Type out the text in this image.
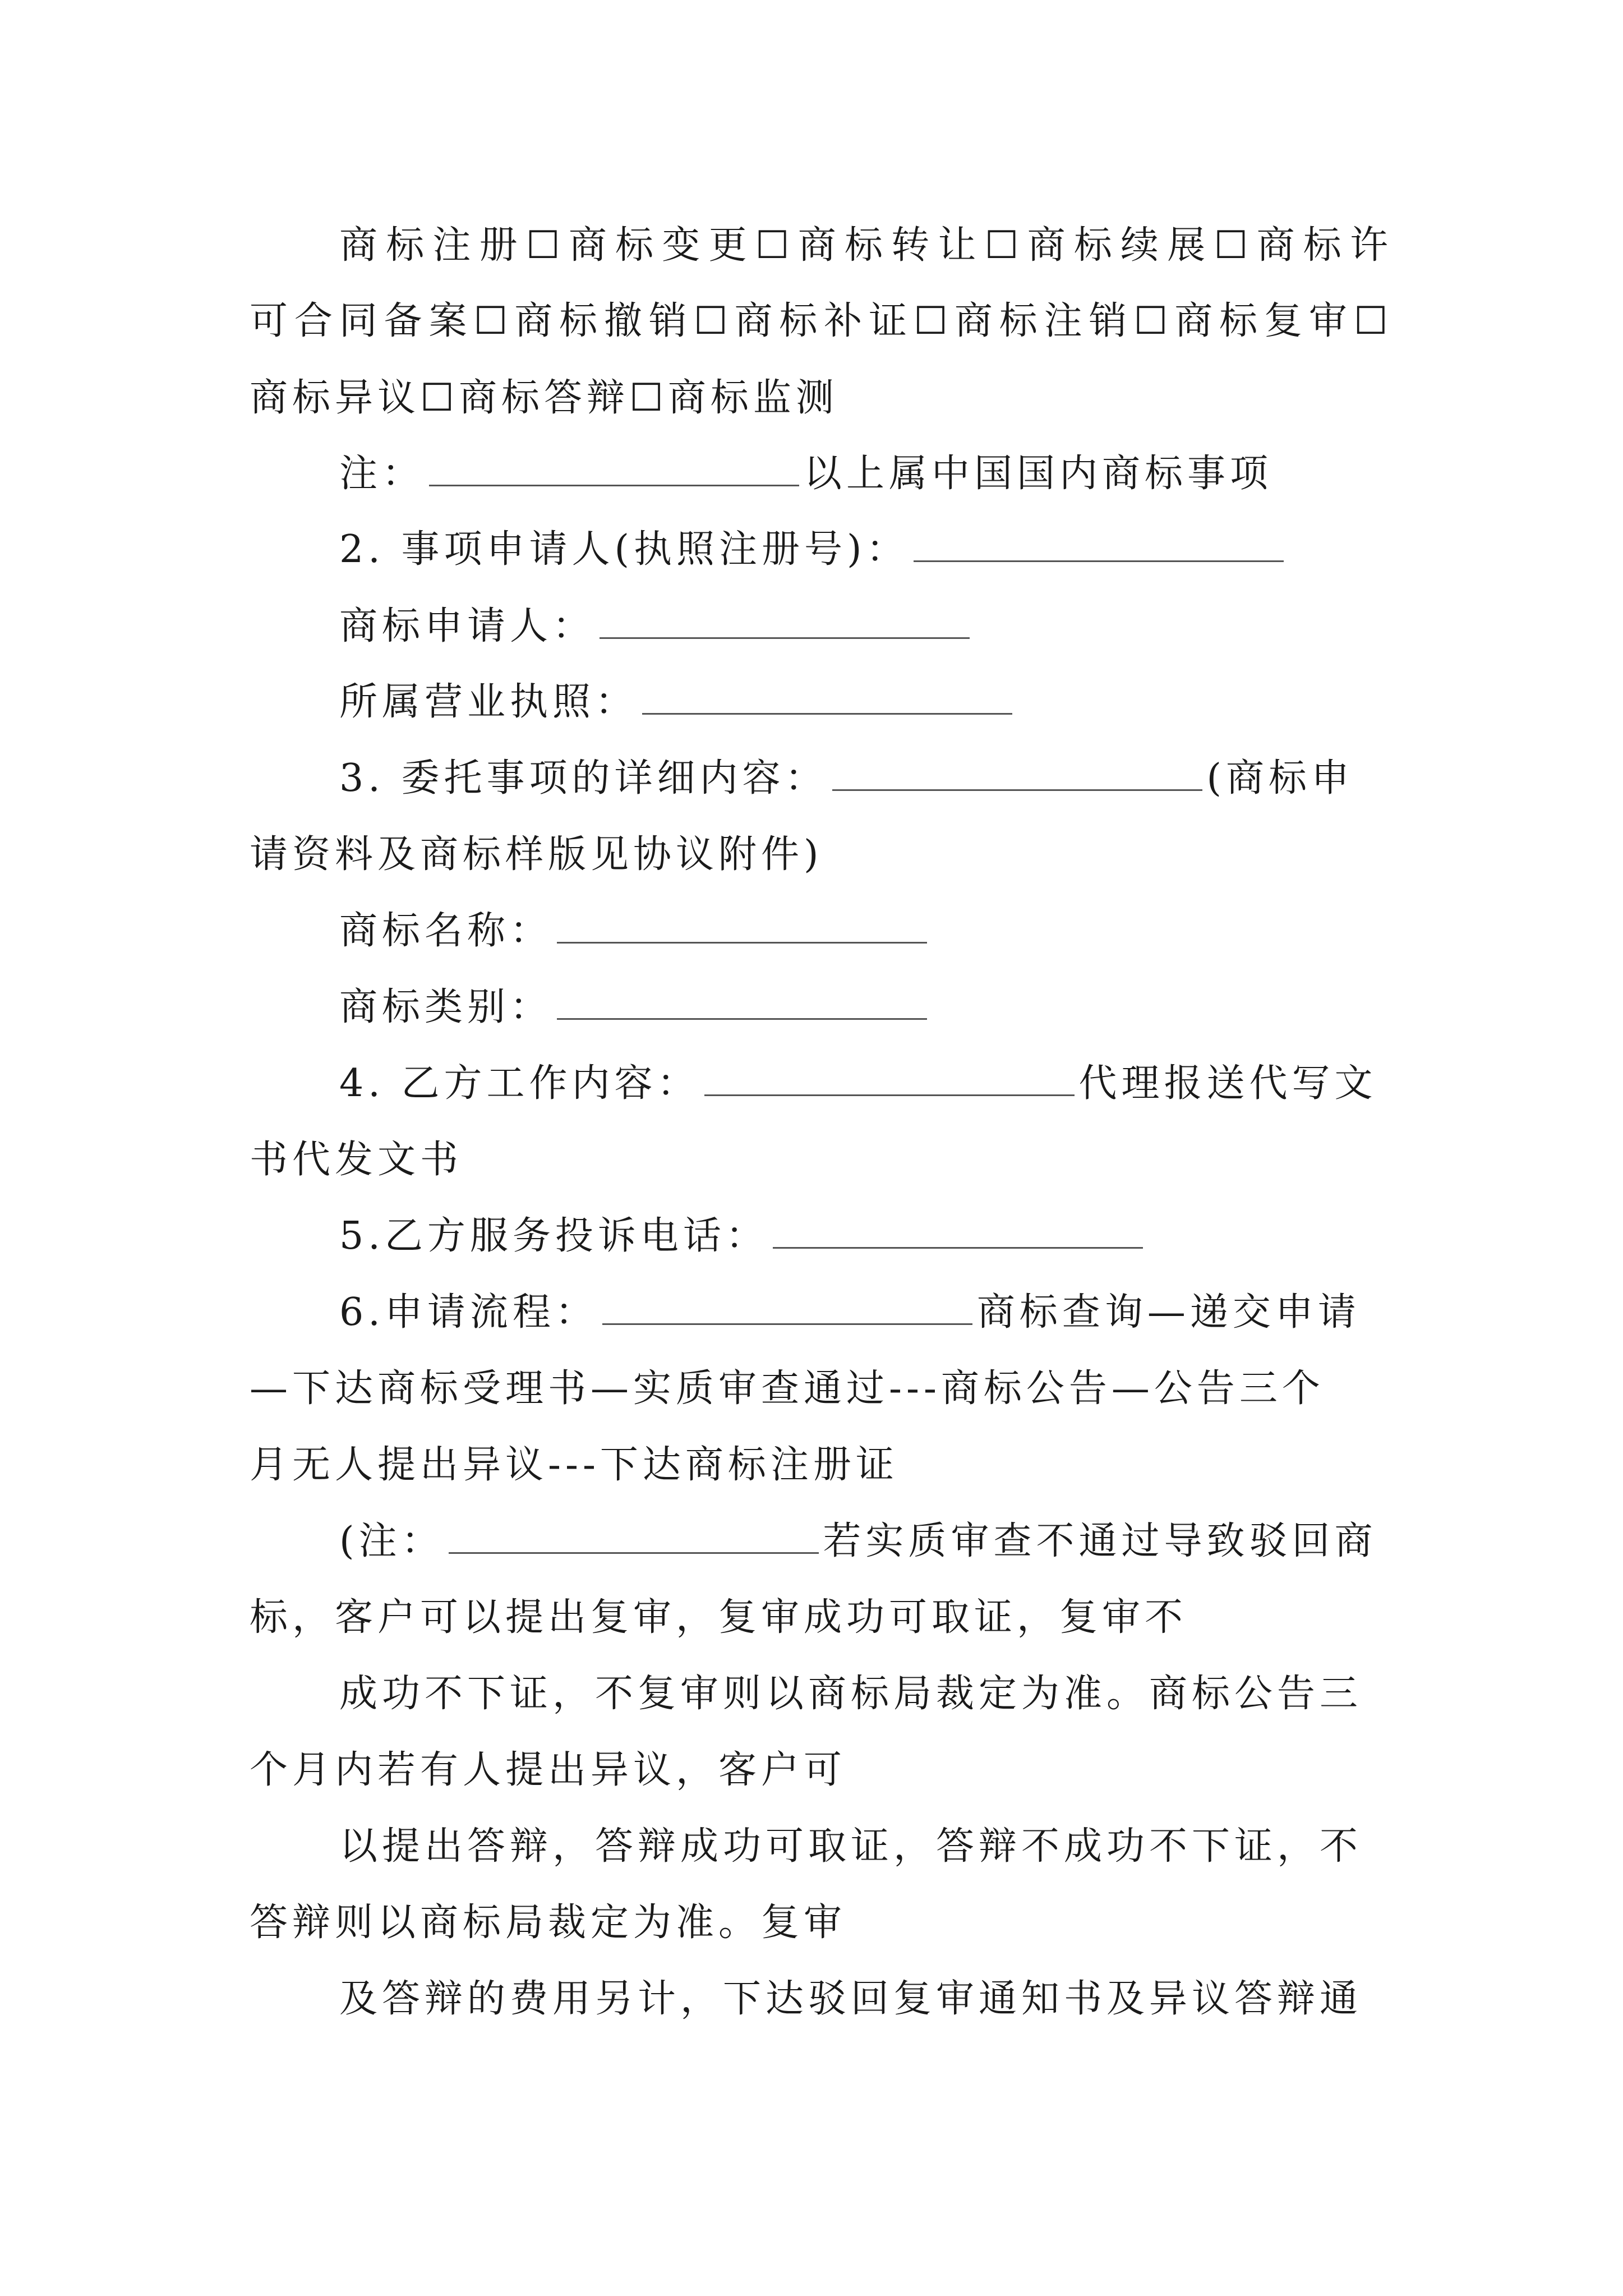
商 标 注 册 ☐ 商 标 变 更 ☐ 商 标 转 让 ☐ 商 标 续 展 ☐ 商 标 许
可 合 同 备 案 ☐ 商 标 撤 销 ☐ 商 标 补 证 ☐ 商 标 注 销 ☐ 商 标 复 审 ☐
商标异议☐商标答辩☐商标监测
注：	以上属中国国内商标事项
2. 事项申请人(执照注册号)：
商标申请人：
所属营业执照：
3. 委托事项的详细内容：	(商标申
请资料及商标样版见协议附件)
商标名称：
商标类别：
4. 乙方工作内容：	代理报送代写文
书代发文书
5.乙方服务投诉电话：
6.申请流程：	商标查询—递交申请
—下达商标受理书—实质审查通过---商标公告—公告三个
月无人提出异议---下达商标注册证
(注：	若实质审查不通过导致驳回商
标，客户可以提出复审，复审成功可取证，复审不
成功不下证，不复审则以商标局裁定为准。商标公告三
个月内若有人提出异议，客户可
以提出答辩，答辩成功可取证，答辩不成功不下证，不
答辩则以商标局裁定为准。复审
及答辩的费用另计，下达驳回复审通知书及异议答辩通
